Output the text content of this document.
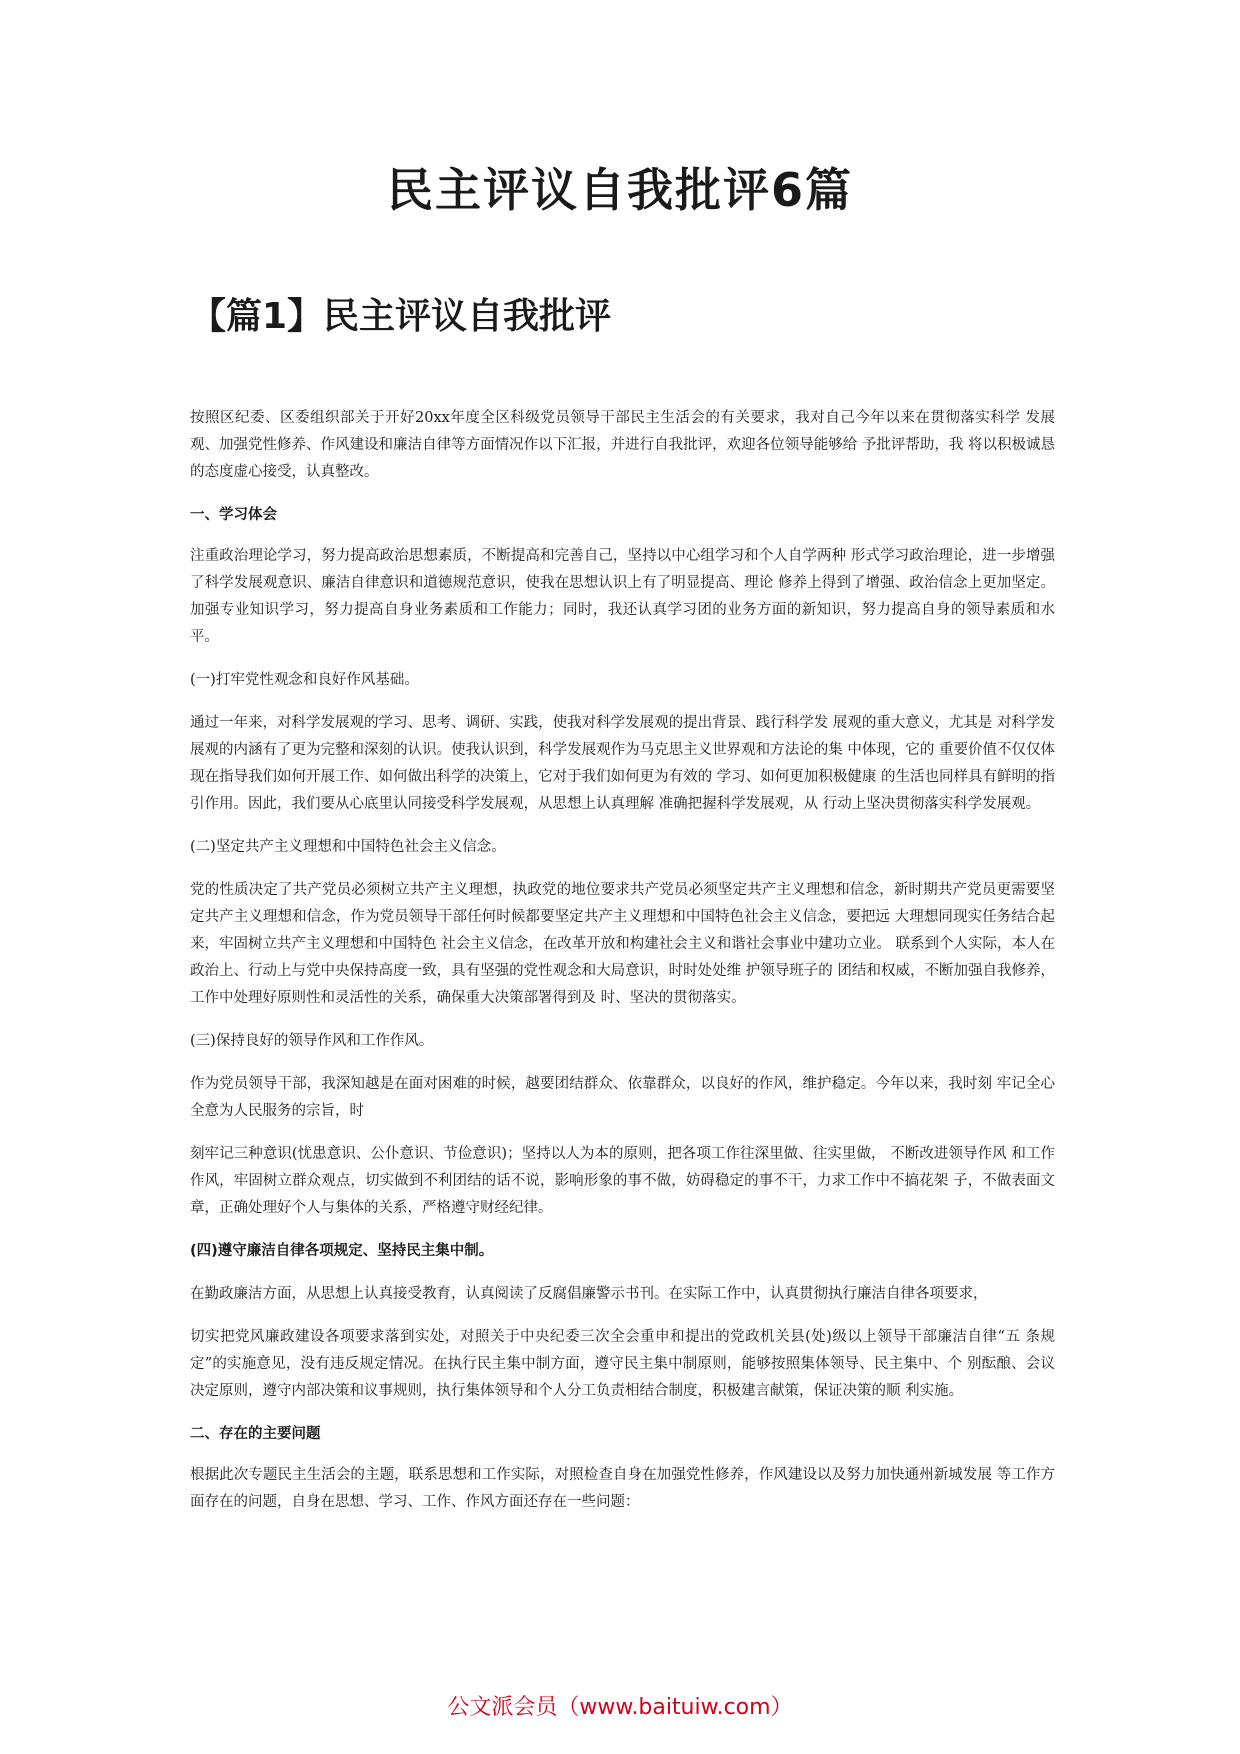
民主评议自我批评6篇
【篇1】民主评议自我批评

按照区纪委、区委组织部关于开好20xx年度全区科级党员领导干部民主生活会的有关要求，我对自己今年以来在贯彻落实科学 发展观、加强党性修养、作风建设和廉洁自律等方面情况作以下汇报，并进行自我批评，欢迎各位领导能够给 予批评帮助，我 将以积极诚恳的态度虚心接受，认真整改。

一、学习体会

注重政治理论学习，努力提高政治思想素质，不断提高和完善自己，坚持以中心组学习和个人自学两种 形式学习政治理论，进一步增强了科学发展观意识、廉洁自律意识和道德规范意识，使我在思想认识上有了明显提高、理论 修养上得到了增强、政治信念上更加坚定。加强专业知识学习，努力提高自身业务素质和工作能力；同时，我还认真学习团的业务方面的新知识，努力提高自身的领导素质和水平。

(一)打牢党性观念和良好作风基础。

通过一年来，对科学发展观的学习、思考、调研、实践，使我对科学发展观的提出背景、践行科学发 展观的重大意义，尤其是 对科学发展观的内涵有了更为完整和深刻的认识。使我认识到，科学发展观作为马克思主义世界观和方法论的集 中体现，它的 重要价值不仅仅体现在指导我们如何开展工作、如何做出科学的决策上，它对于我们如何更为有效的 学习、如何更加积极健康 的生活也同样具有鲜明的指引作用。因此，我们要从心底里认同接受科学发展观，从思想上认真理解 准确把握科学发展观，从 行动上坚决贯彻落实科学发展观。

(二)坚定共产主义理想和中国特色社会主义信念。

党的性质决定了共产党员必须树立共产主义理想，执政党的地位要求共产党员必须坚定共产主义理想和信念，新时期共产党员更需要坚定共产主义理想和信念，作为党员领导干部任何时候都要坚定共产主义理想和中国特色社会主义信念，要把远 大理想同现实任务结合起来，牢固树立共产主义理想和中国特色 社会主义信念，在改革开放和构建社会主义和谐社会事业中建功立业。 联系到个人实际，本人在政治上、行动上与党中央保持高度一致，具有坚强的党性观念和大局意识，时时处处维 护领导班子的 团结和权威，不断加强自我修养，工作中处理好原则性和灵活性的关系，确保重大决策部署得到及 时、坚决的贯彻落实。

(三)保持良好的领导作风和工作作风。

作为党员领导干部，我深知越是在面对困难的时候，越要团结群众、依靠群众，以良好的作风，维护稳定。今年以来，我时刻 牢记全心全意为人民服务的宗旨，时

刻牢记三种意识(忧患意识、公仆意识、节俭意识)；坚持以人为本的原则，把各项工作往深里做、往实里做， 不断改进领导作风 和工作作风，牢固树立群众观点，切实做到不利团结的话不说，影响形象的事不做，妨碍稳定的事不干，力求工作中不搞花架 子，不做表面文章，正确处理好个人与集体的关系，严格遵守财经纪律。

(四)遵守廉洁自律各项规定、坚持民主集中制。

在勤政廉洁方面，从思想上认真接受教育，认真阅读了反腐倡廉警示书刊。在实际工作中，认真贯彻执行廉洁自律各项要求，

切实把党风廉政建设各项要求落到实处，对照关于中央纪委三次全会重申和提出的党政机关县(处)级以上领导干部廉洁自律“五 条规定”的实施意见，没有违反规定情况。在执行民主集中制方面，遵守民主集中制原则，能够按照集体领导、民主集中、个 别酝酿、会议决定原则，遵守内部决策和议事规则，执行集体领导和个人分工负责相结合制度，积极建言献策，保证决策的顺 利实施。

二、存在的主要问题

根据此次专题民主生活会的主题，联系思想和工作实际，对照检查自身在加强党性修养，作风建设以及努力加快通州新城发展 等工作方面存在的问题，自身在思想、学习、工作、作风方面还存在一些问题：

公文派会员（www.baituiw.com）
